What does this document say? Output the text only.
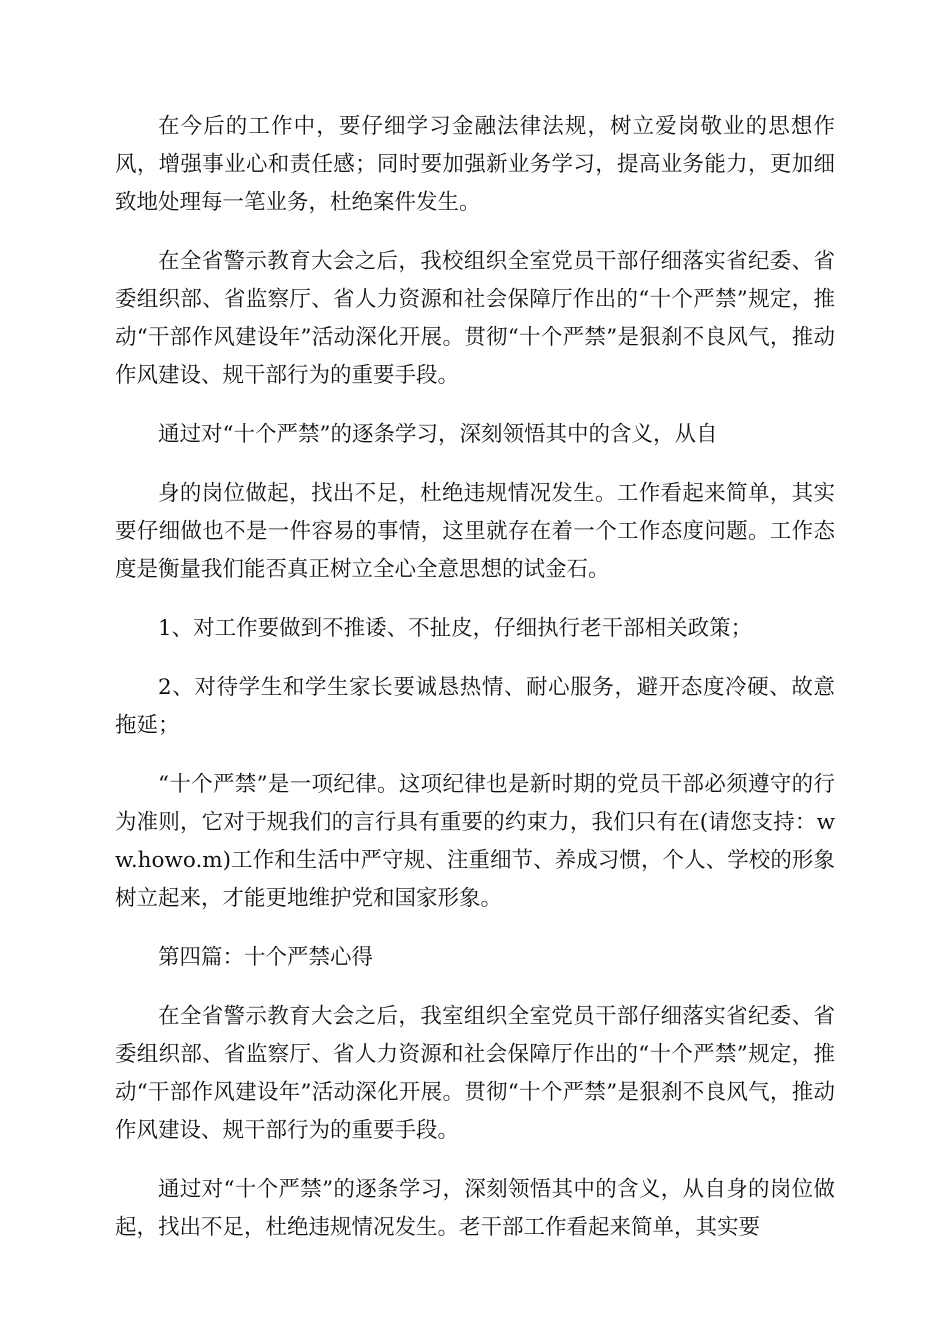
在今后的工作中，要仔细学习金融法律法规，树立爱岗敬业的思想作风，增强事业心和责任感；同时要加强新业务学习，提高业务能力，更加细致地处理每一笔业务，杜绝案件发生。

在全省警示教育大会之后，我校组织全室党员干部仔细落实省纪委、省委组织部、省监察厅、省人力资源和社会保障厅作出的“十个严禁”规定，推动“干部作风建设年”活动深化开展。贯彻“十个严禁”是狠刹不良风气，推动作风建设、规干部行为的重要手段。

通过对“十个严禁”的逐条学习，深刻领悟其中的含义，从自

身的岗位做起，找出不足，杜绝违规情况发生。工作看起来简单，其实要仔细做也不是一件容易的事情，这里就存在着一个工作态度问题。工作态度是衡量我们能否真正树立全心全意思想的试金石。

1、对工作要做到不推诿、不扯皮，仔细执行老干部相关政策；

2、对待学生和学生家长要诚恳热情、耐心服务，避开态度冷硬、故意拖延；

“十个严禁”是一项纪律。这项纪律也是新时期的党员干部必须遵守的行为准则，它对于规我们的言行具有重要的约束力，我们只有在(请您支持：ww.howo.m)工作和生活中严守规、注重细节、养成习惯，个人、学校的形象树立起来，才能更地维护党和国家形象。

第四篇：十个严禁心得

在全省警示教育大会之后，我室组织全室党员干部仔细落实省纪委、省委组织部、省监察厅、省人力资源和社会保障厅作出的“十个严禁”规定，推动“干部作风建设年”活动深化开展。贯彻“十个严禁”是狠刹不良风气，推动作风建设、规干部行为的重要手段。

通过对“十个严禁”的逐条学习，深刻领悟其中的含义，从自身的岗位做起，找出不足，杜绝违规情况发生。老干部工作看起来简单，其实要
